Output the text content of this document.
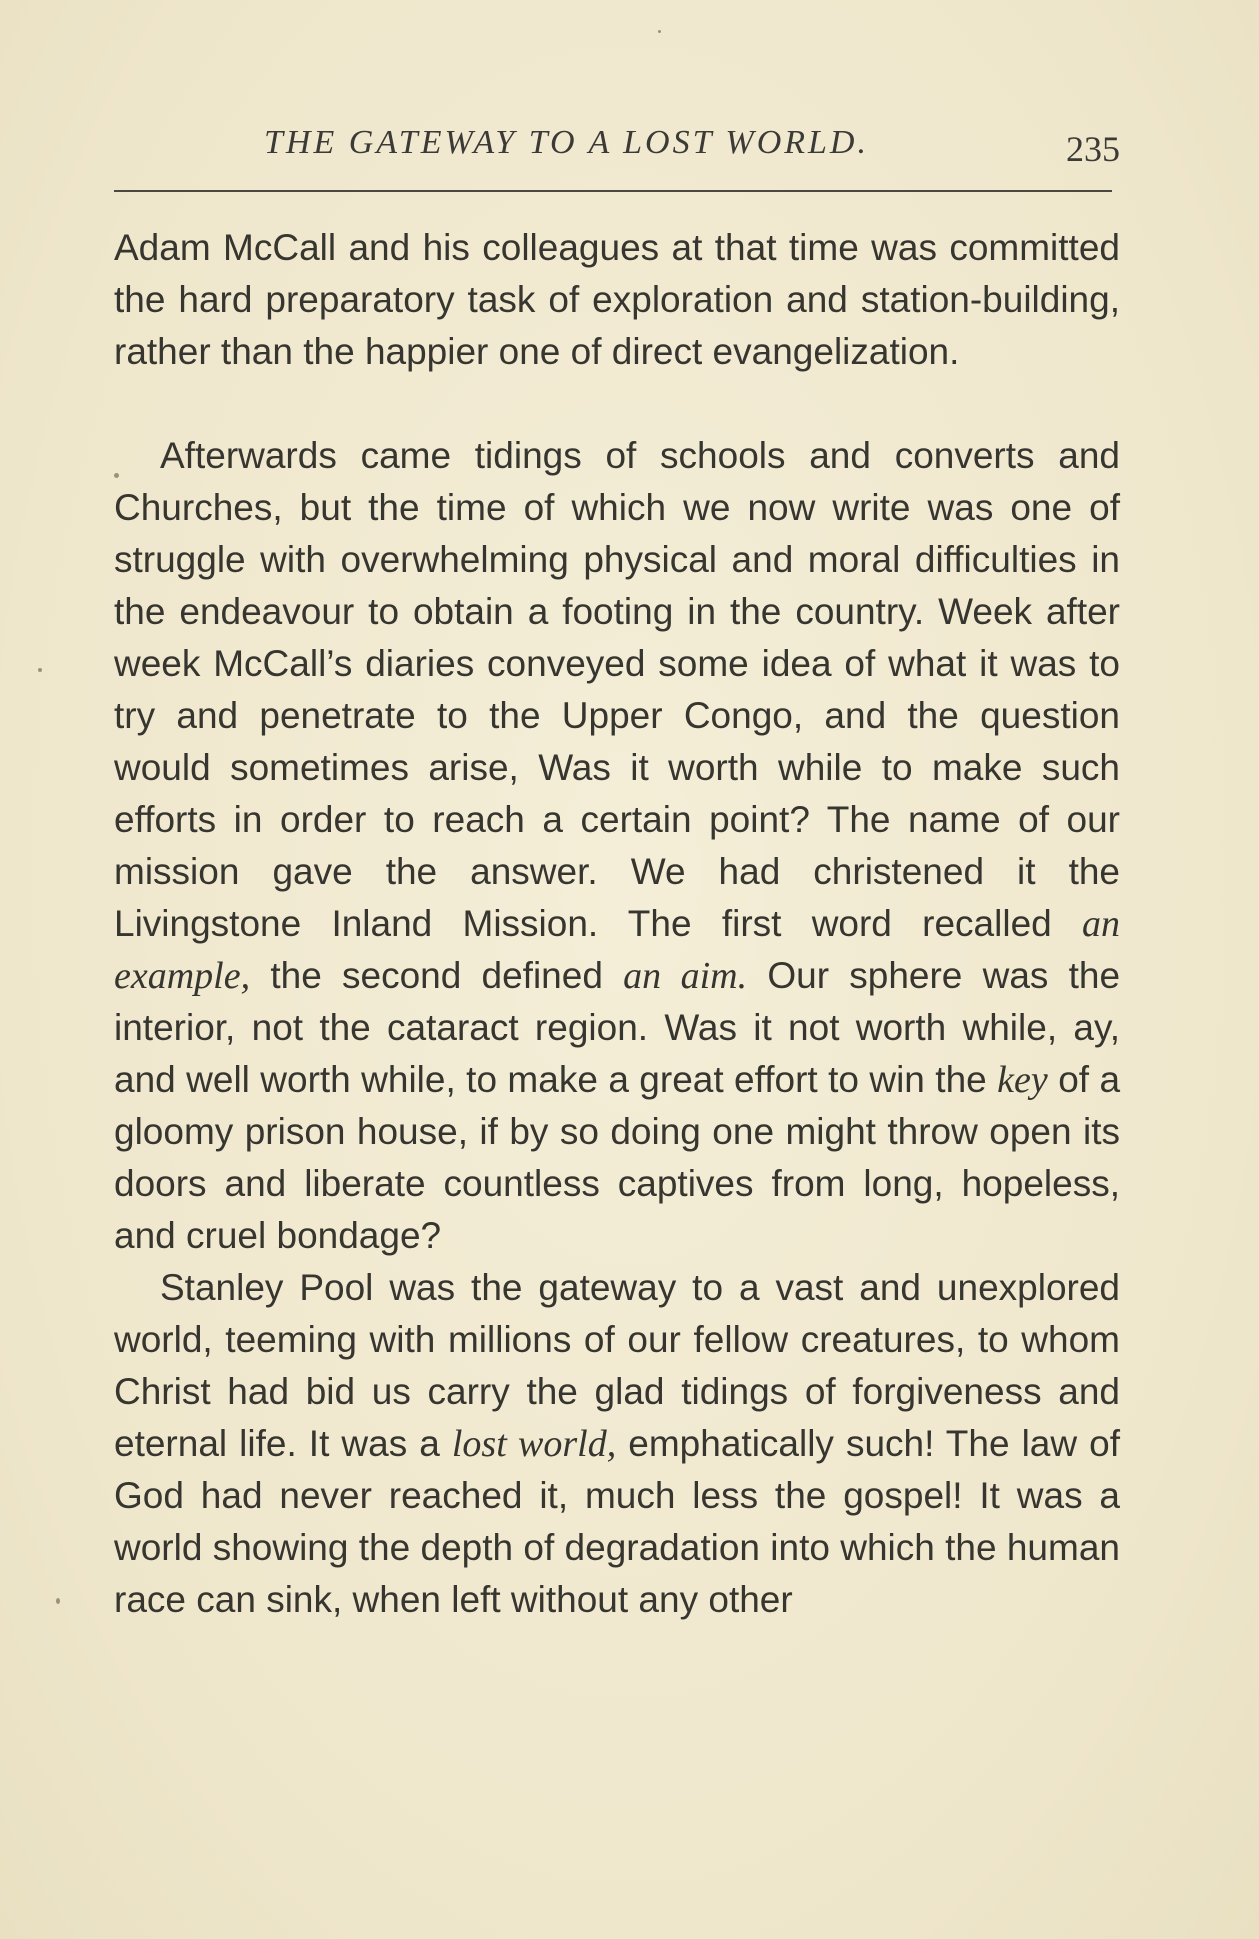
THE GATEWAY TO A LOST WORLD.	235

Adam McCall and his colleagues at that time was committed the hard preparatory task of exploration and station-building, rather than the happier one of direct evangelization.

Afterwards came tidings of schools and converts and Churches, but the time of which we now write was one of struggle with overwhelming physical and moral difficulties in the endeavour to obtain a footing in the country. Week after week McCall’s diaries conveyed some idea of what it was to try and penetrate to the Upper Congo, and the question would sometimes arise, Was it worth while to make such efforts in order to reach a certain point? The name of our mission gave the answer. We had christened it the Livingstone Inland Mission. The first word recalled an example, the second defined an aim. Our sphere was the interior, not the cataract region. Was it not worth while, ay, and well worth while, to make a great effort to win the key of a gloomy prison house, if by so doing one might throw open its doors and liberate countless captives from long, hopeless, and cruel bondage?

Stanley Pool was the gateway to a vast and unexplored world, teeming with millions of our fellow creatures, to whom Christ had bid us carry the glad tidings of forgiveness and eternal life. It was a lost world, emphatically such! The law of God had never reached it, much less the gospel! It was a world showing the depth of degradation into which the human race can sink, when left without any other
